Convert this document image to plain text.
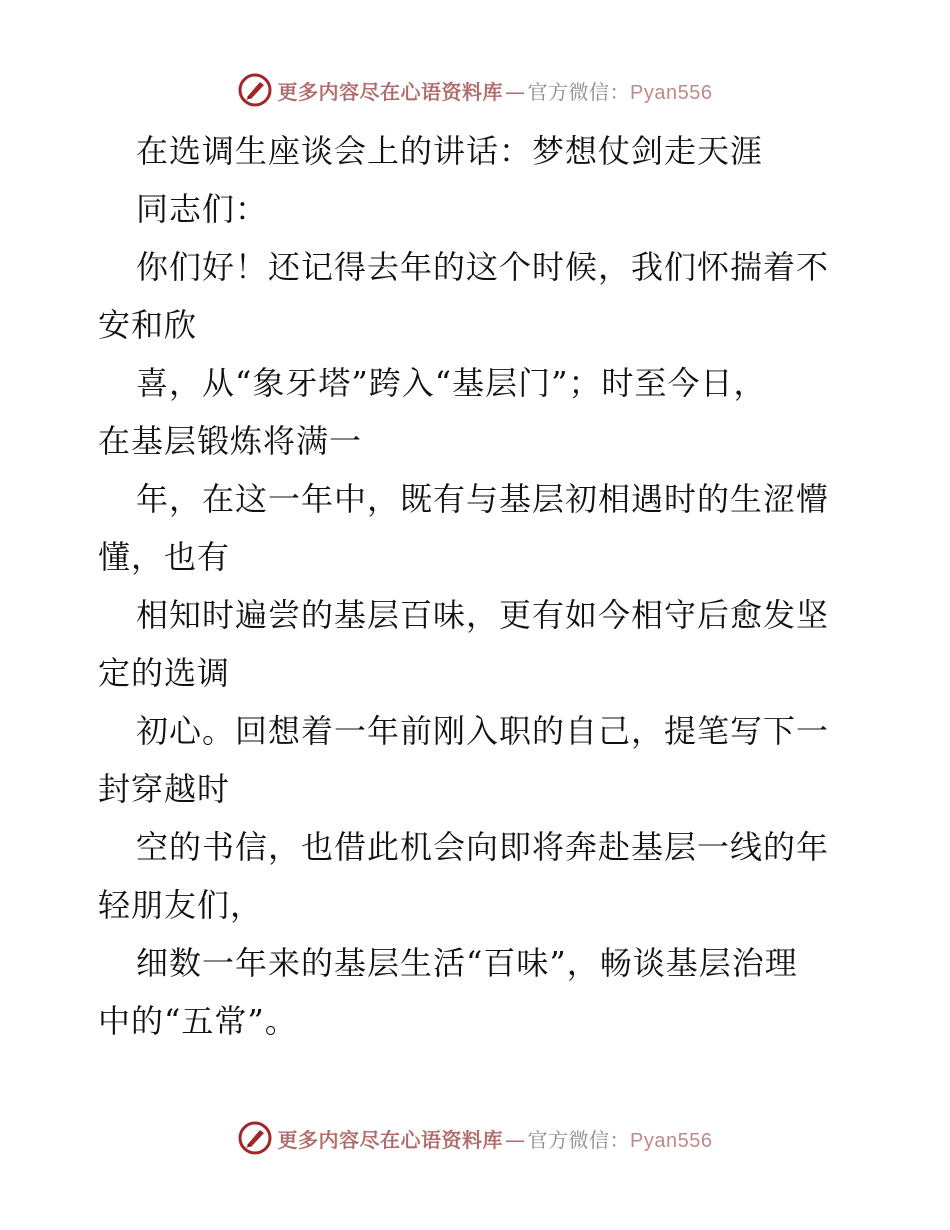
更多内容尽在心语资料库 — 官方微信：Pyan556
在选调生座谈会上的讲话：梦想仗剑走天涯
同志们：
你们好！还记得去年的这个时候，我们怀揣着不
安和欣
喜，从“象牙塔”跨入“基层门”；时至今日，
在基层锻炼将满一
年，在这一年中，既有与基层初相遇时的生涩懵
懂，也有
相知时遍尝的基层百味，更有如今相守后愈发坚
定的选调
初心。回想着一年前刚入职的自己，提笔写下一
封穿越时
空的书信，也借此机会向即将奔赴基层一线的年
轻朋友们，
细数一年来的基层生活“百味”，畅谈基层治理
中的“五常”。
更多内容尽在心语资料库 — 官方微信：Pyan556
